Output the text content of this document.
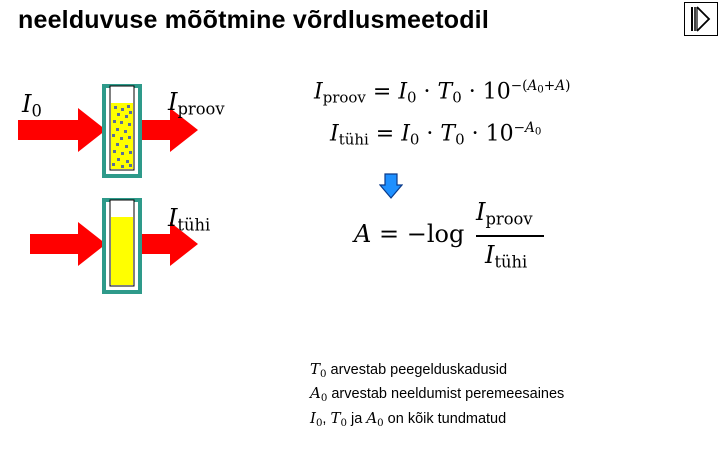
neelduvuse mõõtmine võrdlusmeetodil
$I_0$	$I_{proov}$
$I_{tühi}$
$I_{proov} = I_0 \cdot T_0 \cdot 10^{-(A0+A)}$
$I_{tühi} = I_0 \cdot T_0 \cdot 10^{-A0}$
A = −log
$I_{proov}$
$I_{tühi}$
$T_0$ arvestab peegelduskadusid
$A_0$ arvestab neeldumist peremeesaines
$I_0$, $T_0$ ja $A_0$ on kõik tundmatud
